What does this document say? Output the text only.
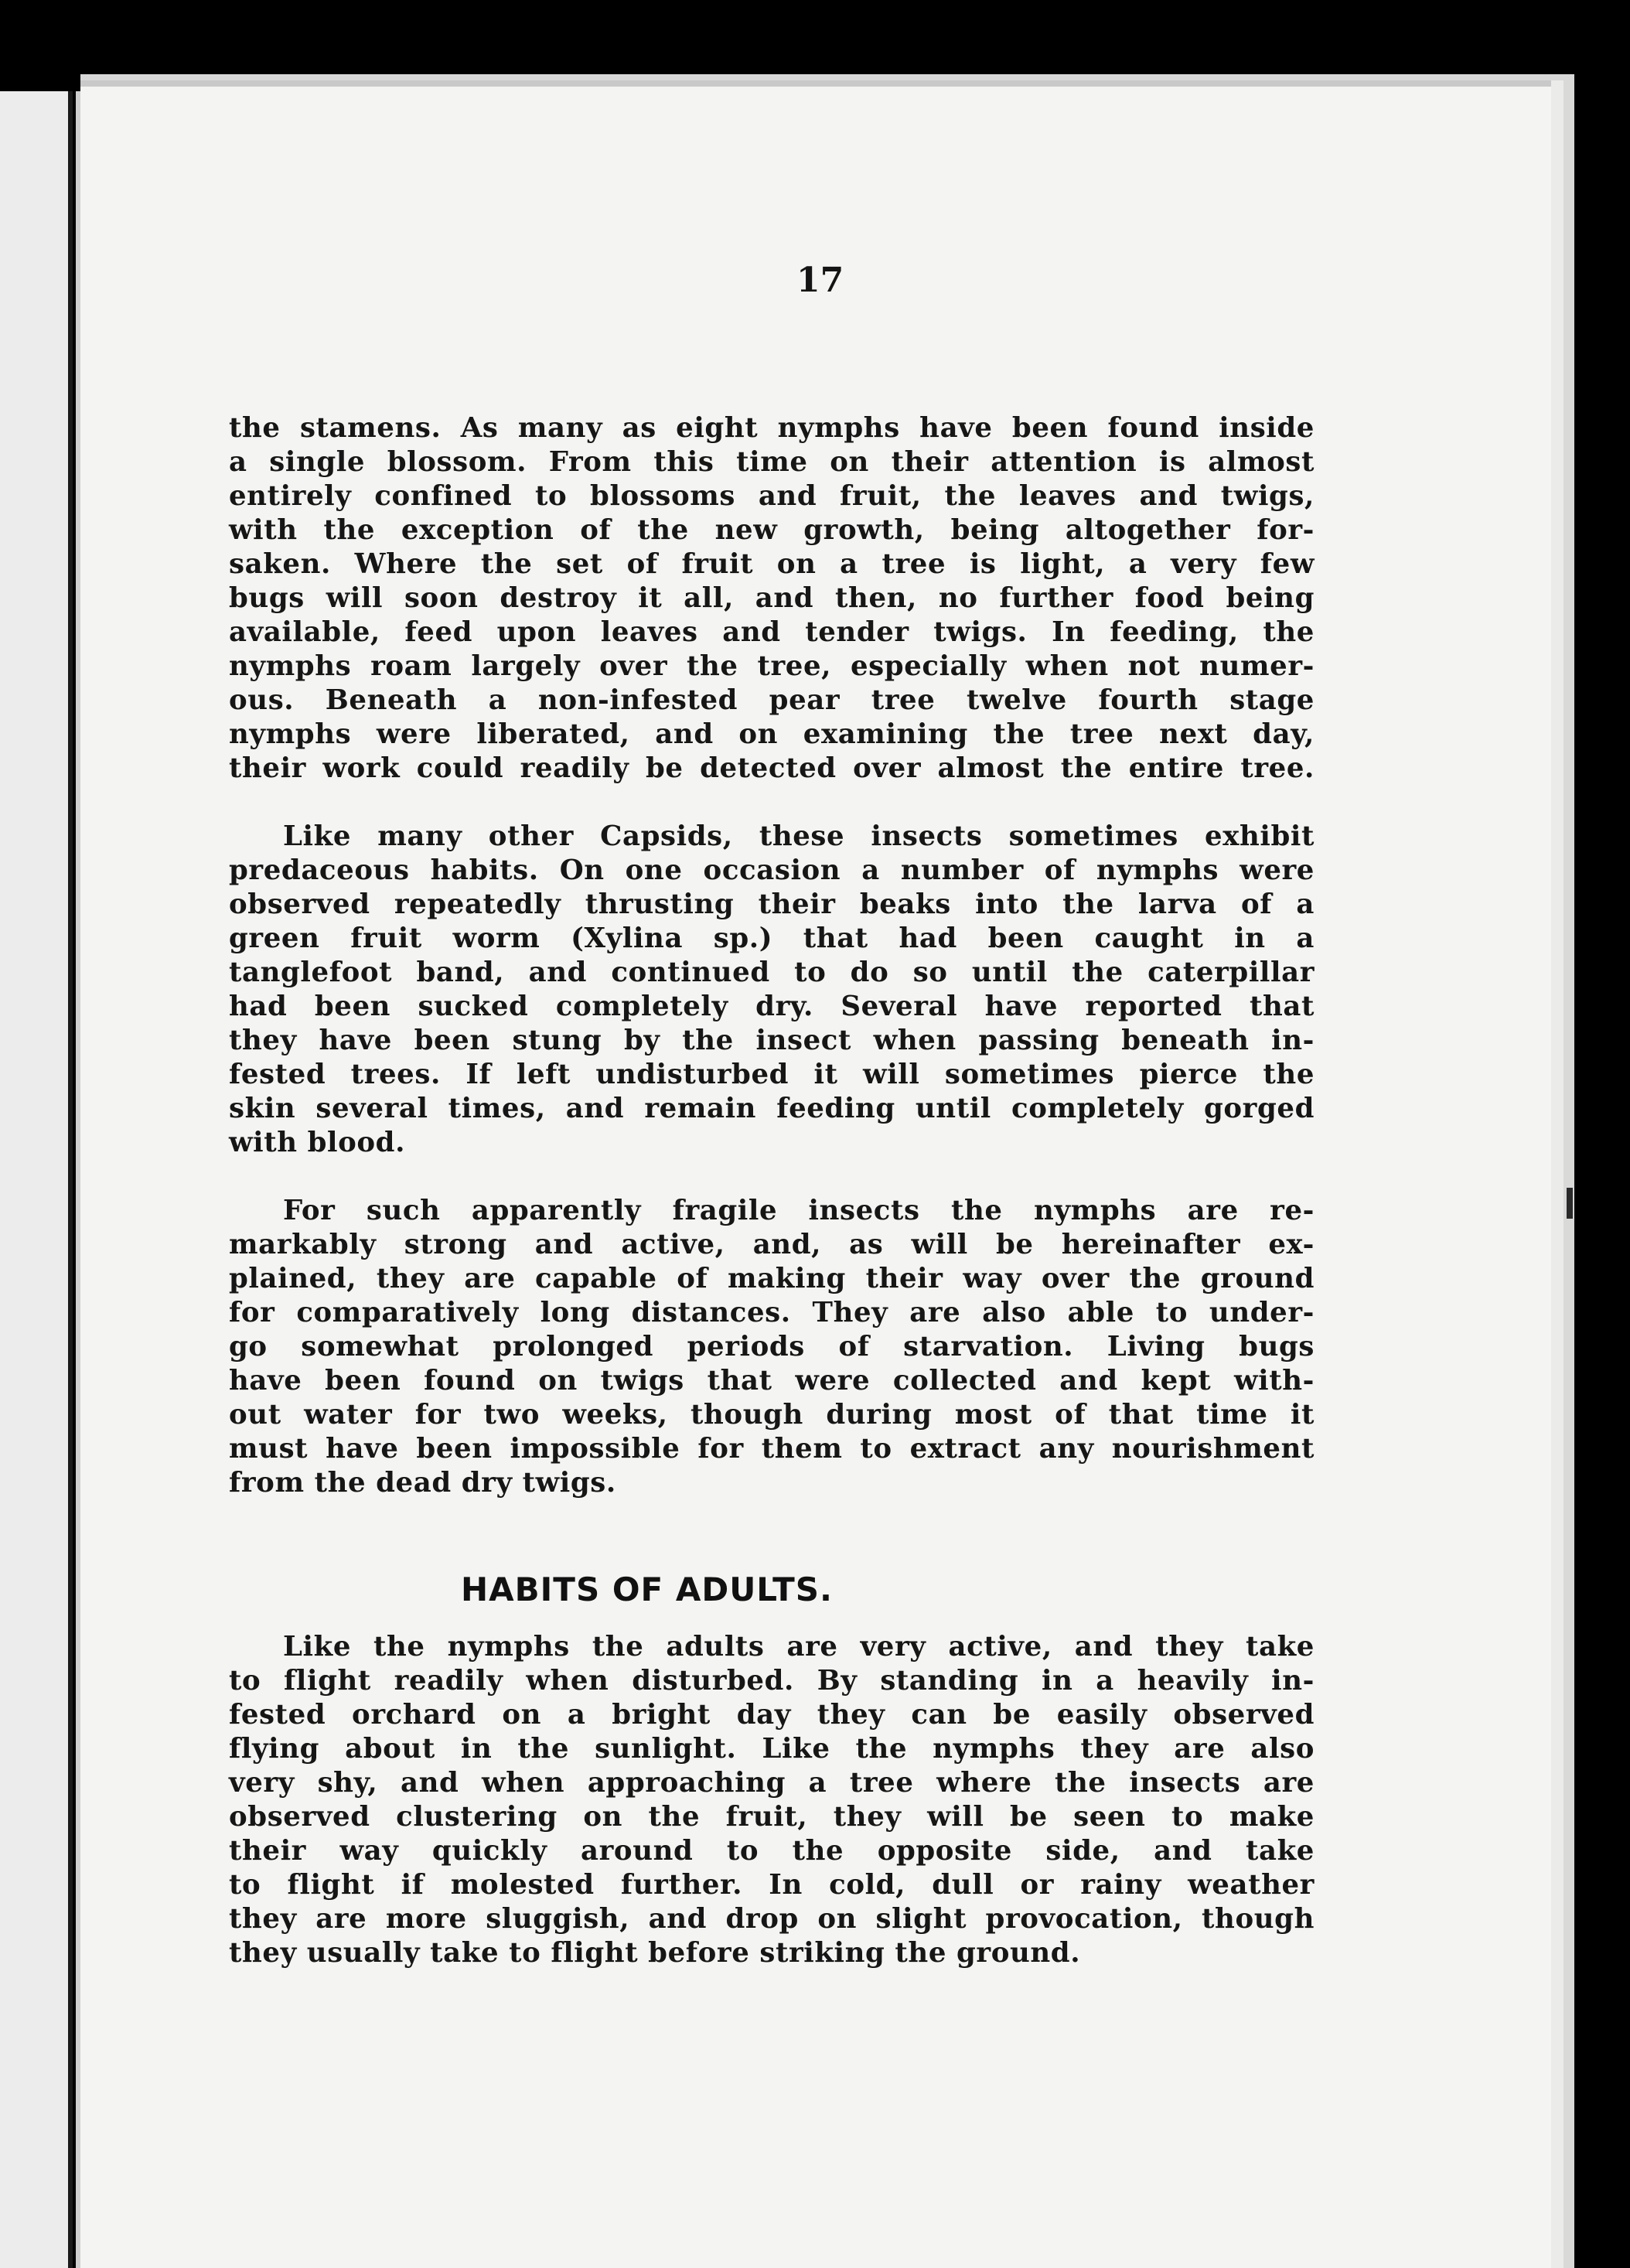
17
the stamens. As many as eight nymphs have been found inside
a single blossom. From this time on their attention is almost
entirely confined to blossoms and fruit, the leaves and twigs,
with the exception of the new growth, being altogether for-
saken. Where the set of fruit on a tree is light, a very few
bugs will soon destroy it all, and then, no further food being
available, feed upon leaves and tender twigs. In feeding, the
nymphs roam largely over the tree, especially when not numer-
ous. Beneath a non-infested pear tree twelve fourth stage
nymphs were liberated, and on examining the tree next day,
their work could readily be detected over almost the entire tree.
Like many other Capsids, these insects sometimes exhibit
predaceous habits. On one occasion a number of nymphs were
observed repeatedly thrusting their beaks into the larva of a
green fruit worm (Xylina sp.) that had been caught in a
tanglefoot band, and continued to do so until the caterpillar
had been sucked completely dry. Several have reported that
they have been stung by the insect when passing beneath in-
fested trees. If left undisturbed it will sometimes pierce the
skin several times, and remain feeding until completely gorged
with blood.
For such apparently fragile insects the nymphs are re-
markably strong and active, and, as will be hereinafter ex-
plained, they are capable of making their way over the ground
for comparatively long distances. They are also able to under-
go somewhat prolonged periods of starvation. Living bugs
have been found on twigs that were collected and kept with-
out water for two weeks, though during most of that time it
must have been impossible for them to extract any nourishment
from the dead dry twigs.
HABITS OF ADULTS.
Like the nymphs the adults are very active, and they take
to flight readily when disturbed. By standing in a heavily in-
fested orchard on a bright day they can be easily observed
flying about in the sunlight. Like the nymphs they are also
very shy, and when approaching a tree where the insects are
observed clustering on the fruit, they will be seen to make
their way quickly around to the opposite side, and take
to flight if molested further. In cold, dull or rainy weather
they are more sluggish, and drop on slight provocation, though
they usually take to flight before striking the ground.
